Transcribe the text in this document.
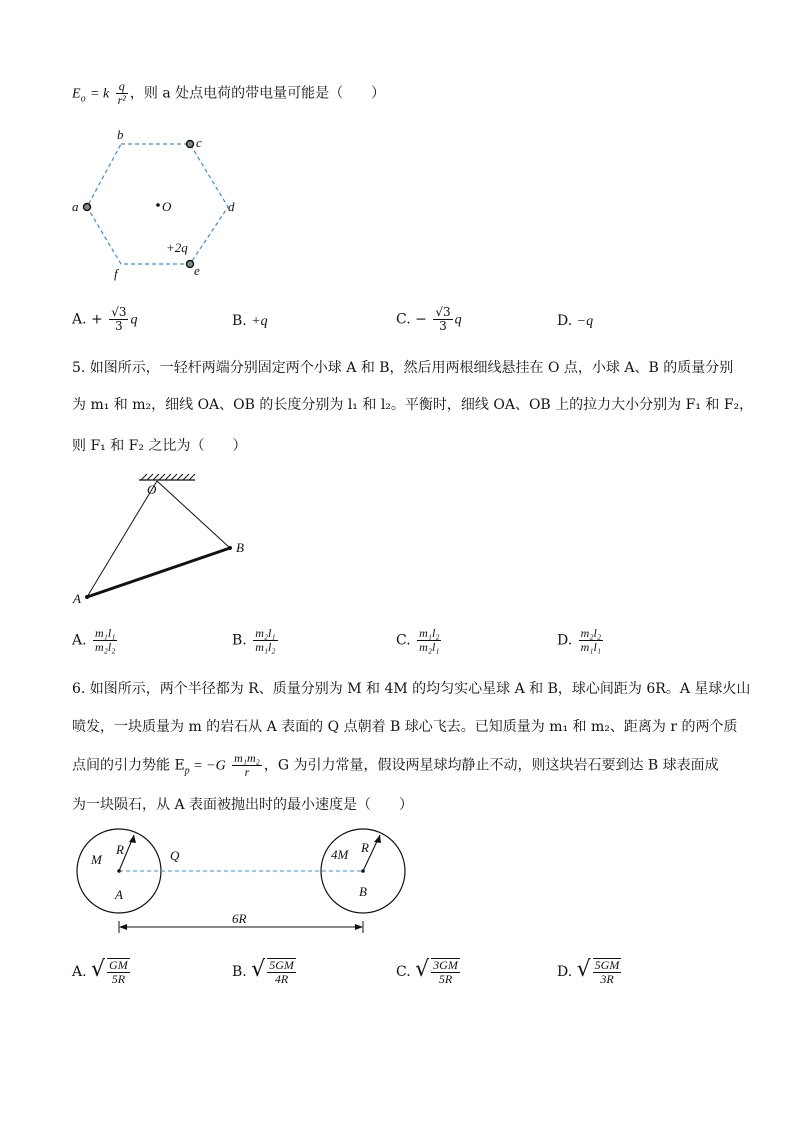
$E_o = k \frac{q}{\text{r²}}$ ，则 a 处点电荷的带电量可能是（　　）
b
c
a	O	d
+2q
f	e
A. + $\frac{√3}{3}$ q	B. +q	C. − $\frac{√3}{3}$ q	D. −q
5. 如图所示，一轻杆两端分别固定两个小球 A 和 B，然后用两根细线悬挂在 O 点，小球 A、B 的质量分别
为 m₁ 和 m₂，细线 OA、OB 的长度分别为 l₁ 和 l₂。平衡时，细线 OA、OB 上的拉力大小分别为 F₁ 和 F₂，
则 F₁ 和 F₂ 之比为（　　）
O
A
B
A. $\frac{\text{m₁l₁}}{\text{m₂l₂}}$	B. $\frac{\text{m₂l₁}}{\text{m₁l₂}}$	C. $\frac{\text{m₁l₂}}{\text{m₂l₁}}$	D. $\frac{\text{m₂l₂}}{\text{m₁l₁}}$
6. 如图所示，两个半径都为 R、质量分别为 M 和 4M 的均匀实心星球 A 和 B，球心间距为 6R。A 星球火山
喷发，一块质量为 m 的岩石从 A 表面的 Q 点朝着 B 球心飞去。已知质量为 m₁ 和 m₂、距离为 r 的两个质
点间的引力势能 $E_p = -G \frac{\text{m₁m₂}}{r}$ ，G 为引力常量，假设两星球均静止不动，则这块岩石要到达 B 球表面成
为一块陨石，从 A 表面被抛出时的最小速度是（　　）
M
R	Q
A
4M R
B
6R
A. √ $\frac{GM}{5R}$	B. √ $\frac{5GM}{4R}$	C. √ $\frac{3GM}{5R}$	D. √ $\frac{5GM}{3R}$
